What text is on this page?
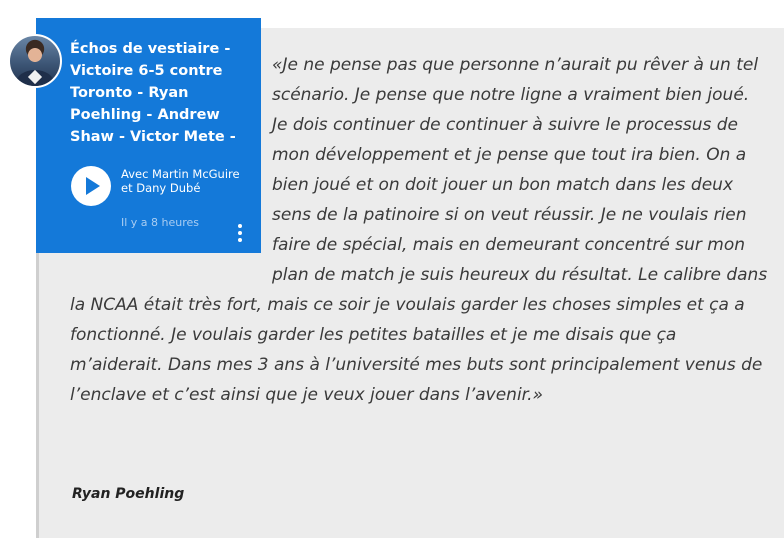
«Je ne pense pas que personne n’aurait pu rêver à un tel scénario. Je pense que notre ligne a vraiment bien joué. Je dois continuer de continuer à suivre le processus de mon développement et je pense que tout ira bien. On a bien joué et on doit jouer un bon match dans les deux sens de la patinoire si on veut réussir. Je ne voulais rien faire de spécial, mais en demeurant concentré sur mon plan de match je suis heureux du résultat. Le calibre dans la NCAA était très fort, mais ce soir je voulais garder les choses simples et ça a fonctionné. Je voulais garder les petites batailles et je me disais que ça m’aiderait. Dans mes 3 ans à l’université mes buts sont principalement venus de l’enclave et c’est ainsi que je veux jouer dans l’avenir.»
Ryan Poehling
Échos de vestiaire - Victoire 6-5 contre Toronto - Ryan Poehling - Andrew Shaw - Victor Mete -
Avec Martin McGuire et Dany Dubé
Il y a 8 heures
